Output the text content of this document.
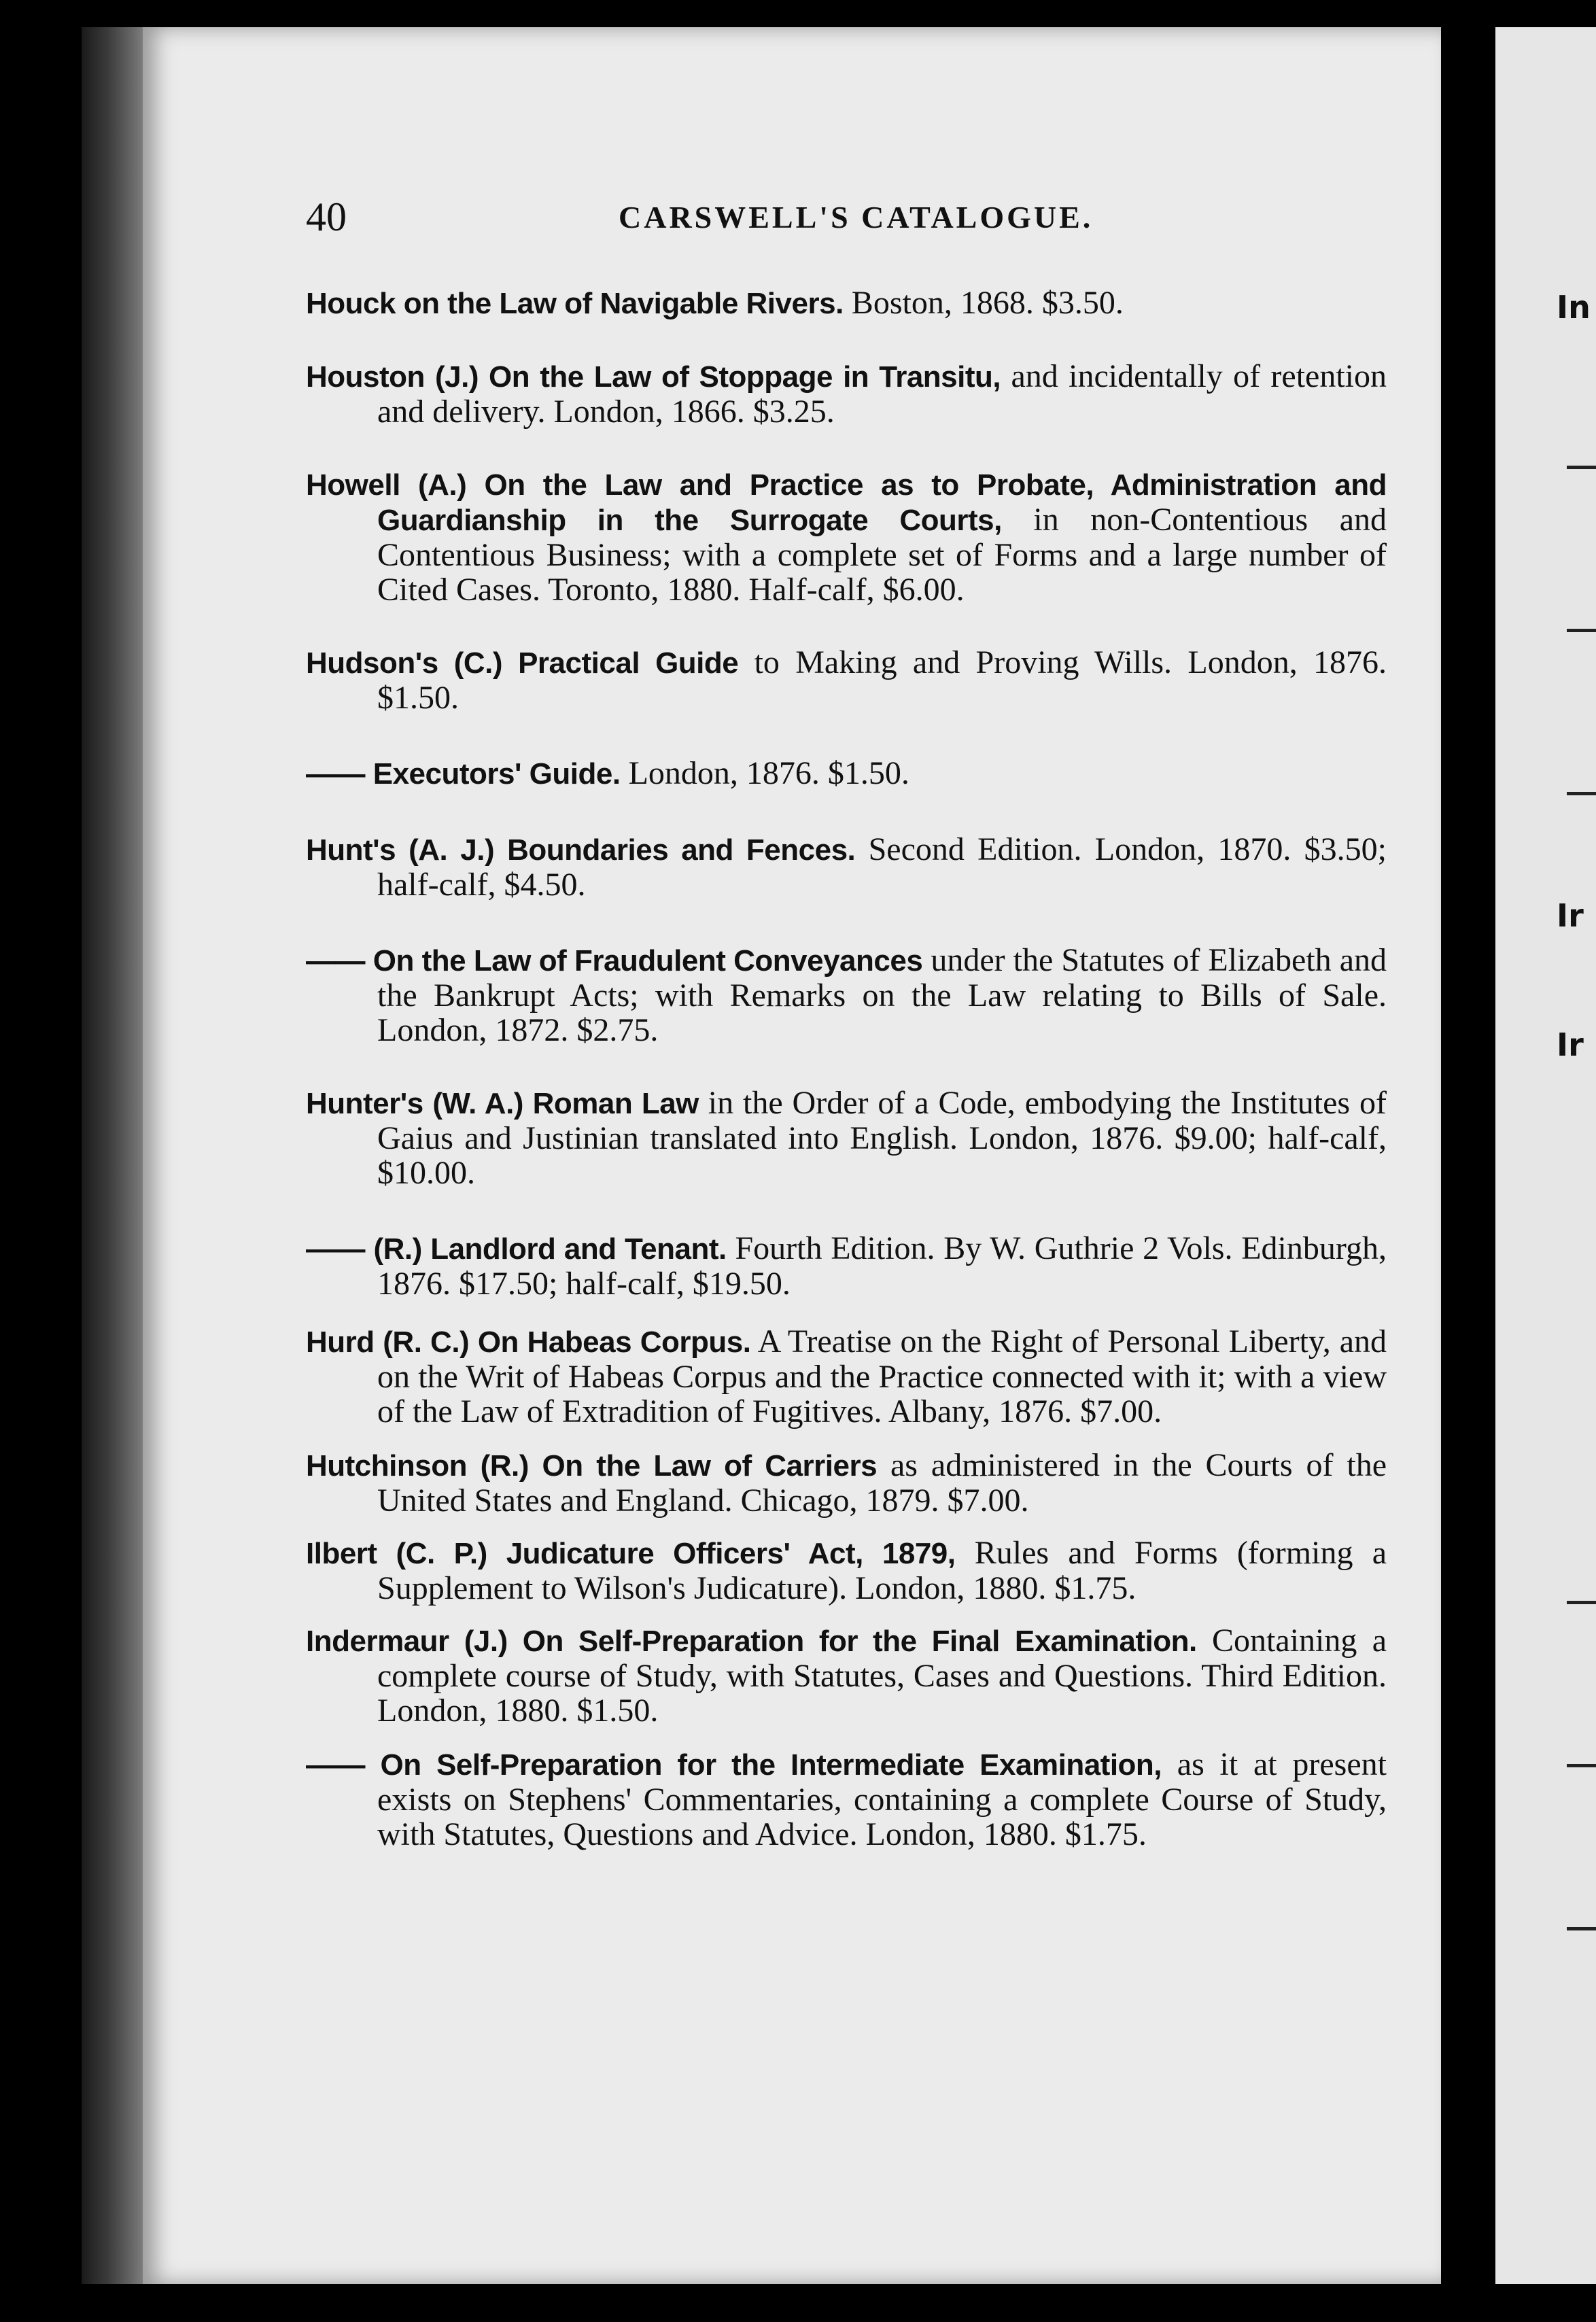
In
Ir
Ir
40	CARSWELL'S CATALOGUE.
Houck on the Law of Navigable Rivers. Boston, 1868. $3.50.
Houston (J.) On the Law of Stoppage in Transitu, and incidentally of retention and delivery. London, 1866. $3.25.
Howell (A.) On the Law and Practice as to Probate, Administration and Guardianship in the Surrogate Courts, in non-Contentious and Contentious Business; with a complete set of Forms and a large number of Cited Cases. Toronto, 1880. Half-calf, $6.00.
Hudson's (C.) Practical Guide to Making and Proving Wills. London, 1876. $1.50.
—— Executors' Guide. London, 1876. $1.50.
Hunt's (A. J.) Boundaries and Fences. Second Edition. London, 1870. $3.50; half-calf, $4.50.
—— On the Law of Fraudulent Conveyances under the Statutes of Elizabeth and the Bankrupt Acts; with Remarks on the Law relating to Bills of Sale. London, 1872. $2.75.
Hunter's (W. A.) Roman Law in the Order of a Code, embodying the Institutes of Gaius and Justinian translated into English. London, 1876. $9.00; half-calf, $10.00.
—— (R.) Landlord and Tenant. Fourth Edition. By W. Guthrie 2 Vols. Edinburgh, 1876. $17.50; half-calf, $19.50.
Hurd (R. C.) On Habeas Corpus. A Treatise on the Right of Personal Liberty, and on the Writ of Habeas Corpus and the Practice connected with it; with a view of the Law of Extradition of Fugitives. Albany, 1876. $7.00.
Hutchinson (R.) On the Law of Carriers as administered in the Courts of the United States and England. Chicago, 1879. $7.00.
Ilbert (C. P.) Judicature Officers' Act, 1879, Rules and Forms (forming a Supplement to Wilson's Judicature). London, 1880. $1.75.
Indermaur (J.) On Self-Preparation for the Final Examination. Containing a complete course of Study, with Statutes, Cases and Questions. Third Edition. London, 1880. $1.50.
—— On Self-Preparation for the Intermediate Examination, as it at present exists on Stephens' Commentaries, containing a complete Course of Study, with Statutes, Questions and Advice. London, 1880. $1.75.
